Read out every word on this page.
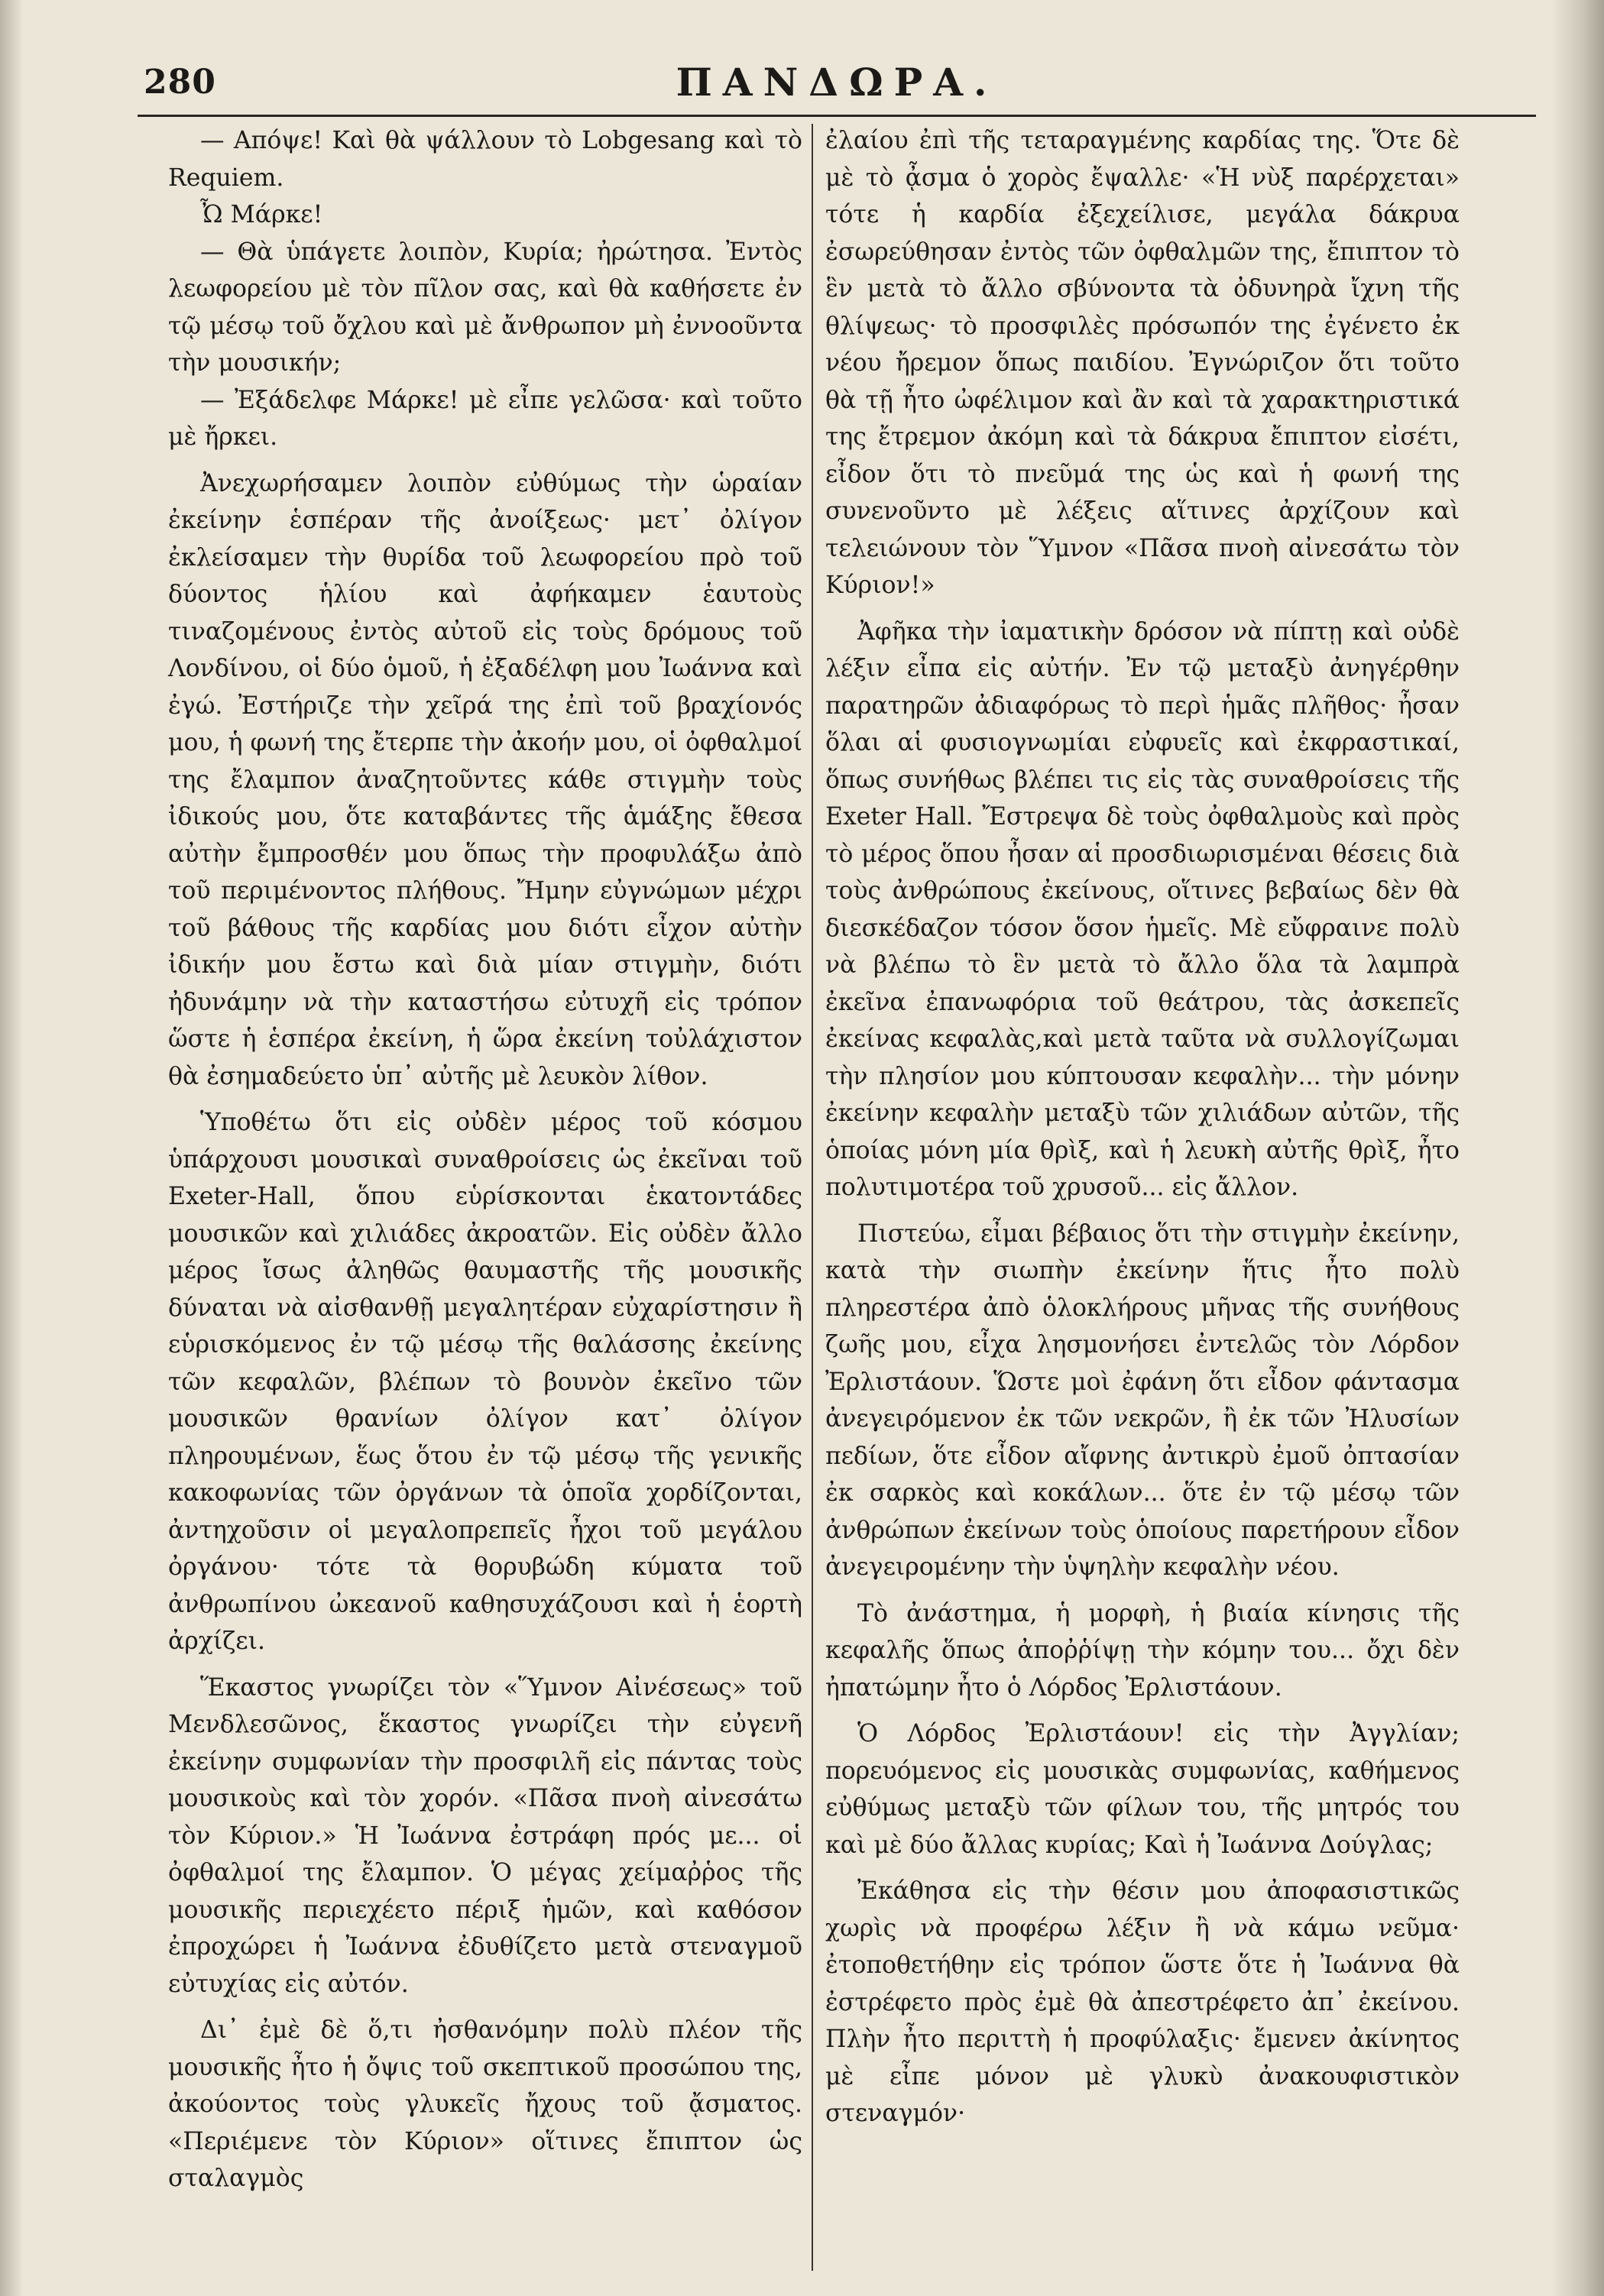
280	ΠΑΝΔΩΡΑ.

— Απόψε! Καὶ θὰ ψάλλουν τὸ Lobgesang καὶ τὸ Requiem.

Ὦ Μάρκε!

— Θὰ ὑπάγετε λοιπὸν, Κυρία; ἠρώτησα. Ἐντὸς λεωφορείου μὲ τὸν πῖλον σας, καὶ θὰ καθήσετε ἐν τῷ μέσῳ τοῦ ὄχλου καὶ μὲ ἄνθρωπον μὴ ἐννοοῦντα τὴν μουσικήν;

— Ἐξάδελφε Μάρκε! μὲ εἶπε γελῶσα· καὶ τοῦτο μὲ ἤρκει.

Ἀνεχωρήσαμεν λοιπὸν εὐθύμως τὴν ὡραίαν ἐκείνην ἑσπέραν τῆς ἀνοίξεως· μετ᾽ ὀλίγον ἐκλείσαμεν τὴν θυρίδα τοῦ λεωφορείου πρὸ τοῦ δύοντος ἡλίου καὶ ἀφήκαμεν ἑαυτοὺς τιναζομένους ἐντὸς αὐτοῦ εἰς τοὺς δρόμους τοῦ Λονδίνου, οἱ δύο ὁμοῦ, ἡ ἐξαδέλφη μου Ἰωάννα καὶ ἐγώ. Ἐστήριζε τὴν χεῖρά της ἐπὶ τοῦ βραχίονός μου, ἡ φωνή της ἔτερπε τὴν ἀκοήν μου, οἱ ὀφθαλμοί της ἔλαμπον ἀναζητοῦντες κάθε στιγμὴν τοὺς ἰδικούς μου, ὅτε καταβάντες τῆς ἁμάξης ἔθεσα αὐτὴν ἔμπροσθέν μου ὅπως τὴν προφυλάξω ἀπὸ τοῦ περιμένοντος πλήθους. Ἤμην εὐγνώμων μέχρι τοῦ βάθους τῆς καρδίας μου διότι εἶχον αὐτὴν ἰδικήν μου ἔστω καὶ διὰ μίαν στιγμὴν, διότι ἠδυνάμην νὰ τὴν καταστήσω εὐτυχῆ εἰς τρόπον ὥστε ἡ ἑσπέρα ἐκείνη, ἡ ὥρα ἐκείνη τοὐλάχιστον θὰ ἐσημαδεύετο ὑπ᾽ αὐτῆς μὲ λευκὸν λίθον.

Ὑποθέτω ὅτι εἰς οὐδὲν μέρος τοῦ κόσμου ὑπάρχουσι μουσικαὶ συναθροίσεις ὡς ἐκεῖναι τοῦ Exeter-Hall, ὅπου εὑρίσκονται ἑκατοντάδες μουσικῶν καὶ χιλιάδες ἀκροατῶν. Εἰς οὐδὲν ἄλλο μέρος ἴσως ἀληθῶς θαυμαστῆς τῆς μουσικῆς δύναται νὰ αἰσθανθῇ μεγαλητέραν εὐχαρίστησιν ἢ εὑρισκόμενος ἐν τῷ μέσῳ τῆς θαλάσσης ἐκείνης τῶν κεφαλῶν, βλέπων τὸ βουνὸν ἐκεῖνο τῶν μουσικῶν θρανίων ὀλίγον κατ᾽ ὀλίγον πληρουμένων, ἕως ὅτου ἐν τῷ μέσῳ τῆς γενικῆς κακοφωνίας τῶν ὀργάνων τὰ ὁποῖα χορδίζονται, ἀντηχοῦσιν οἱ μεγαλοπρεπεῖς ἦχοι τοῦ μεγάλου ὀργάνου· τότε τὰ θορυβώδη κύματα τοῦ ἀνθρωπίνου ὠκεανοῦ καθησυχάζουσι καὶ ἡ ἑορτὴ ἀρχίζει.

Ἕκαστος γνωρίζει τὸν «Ὕμνον Αἰνέσεως» τοῦ Μενδλεσῶνος, ἕκαστος γνωρίζει τὴν εὐγενῆ ἐκείνην συμφωνίαν τὴν προσφιλῆ εἰς πάντας τοὺς μουσικοὺς καὶ τὸν χορόν. «Πᾶσα πνοὴ αἰνεσάτω τὸν Κύριον.» Ἡ Ἰωάννα ἐστράφη πρός με... οἱ ὀφθαλμοί της ἔλαμπον. Ὁ μέγας χείμαῤῥος τῆς μουσικῆς περιεχέετο πέριξ ἡμῶν, καὶ καθόσον ἐπροχώρει ἡ Ἰωάννα ἐδυθίζετο μετὰ στεναγμοῦ εὐτυχίας εἰς αὐτόν.

Δι᾽ ἐμὲ δὲ ὅ,τι ἠσθανόμην πολὺ πλέον τῆς μουσικῆς ἦτο ἡ ὄψις τοῦ σκεπτικοῦ προσώπου της, ἀκούοντος τοὺς γλυκεῖς ἤχους τοῦ ᾄσματος. «Περιέμενε τὸν Κύριον» οἵτινες ἔπιπτον ὡς σταλαγμὸς

ἐλαίου ἐπὶ τῆς τεταραγμένης καρδίας της. Ὅτε δὲ μὲ τὸ ᾆσμα ὁ χορὸς ἔψαλλε· «Ἡ νὺξ παρέρχεται» τότε ἡ καρδία ἐξεχείλισε, μεγάλα δάκρυα ἐσωρεύθησαν ἐντὸς τῶν ὀφθαλμῶν της, ἔπιπτον τὸ ἓν μετὰ τὸ ἄλλο σβύνοντα τὰ ὀδυνηρὰ ἴχνη τῆς θλίψεως· τὸ προσφιλὲς πρόσωπόν της ἐγένετο ἐκ νέου ἤρεμον ὅπως παιδίου. Ἐγνώριζον ὅτι τοῦτο θὰ τῇ ἦτο ὠφέλιμον καὶ ἂν καὶ τὰ χαρακτηριστικά της ἔτρεμον ἀκόμη καὶ τὰ δάκρυα ἔπιπτον εἰσέτι, εἶδον ὅτι τὸ πνεῦμά της ὡς καὶ ἡ φωνή της συνενοῦντο μὲ λέξεις αἵτινες ἀρχίζουν καὶ τελειώνουν τὸν Ὕμνον «Πᾶσα πνοὴ αἰνεσάτω τὸν Κύριον!»

Ἀφῆκα τὴν ἰαματικὴν δρόσον νὰ πίπτῃ καὶ οὐδὲ λέξιν εἶπα εἰς αὐτήν. Ἐν τῷ μεταξὺ ἀνηγέρθην παρατηρῶν ἀδιαφόρως τὸ περὶ ἡμᾶς πλῆθος· ἦσαν ὅλαι αἱ φυσιογνωμίαι εὐφυεῖς καὶ ἐκφραστικαί, ὅπως συνήθως βλέπει τις εἰς τὰς συναθροίσεις τῆς Exeter Hall. Ἔστρεψα δὲ τοὺς ὀφθαλμοὺς καὶ πρὸς τὸ μέρος ὅπου ἦσαν αἱ προσδιωρισμέναι θέσεις διὰ τοὺς ἀνθρώπους ἐκείνους, οἵτινες βεβαίως δὲν θὰ διεσκέδαζον τόσον ὅσον ἡμεῖς. Μὲ εὔφραινε πολὺ νὰ βλέπω τὸ ἓν μετὰ τὸ ἄλλο ὅλα τὰ λαμπρὰ ἐκεῖνα ἐπανωφόρια τοῦ θεάτρου, τὰς ἀσκεπεῖς ἐκείνας κεφαλὰς,καὶ μετὰ ταῦτα νὰ συλλογίζωμαι τὴν πλησίον μου κύπτουσαν κεφαλὴν... τὴν μόνην ἐκείνην κεφαλὴν μεταξὺ τῶν χιλιάδων αὐτῶν, τῆς ὁποίας μόνη μία θρὶξ, καὶ ἡ λευκὴ αὐτῆς θρὶξ, ἦτο πολυτιμοτέρα τοῦ χρυσοῦ... εἰς ἄλλον.

Πιστεύω, εἶμαι βέβαιος ὅτι τὴν στιγμὴν ἐκείνην, κατὰ τὴν σιωπὴν ἐκείνην ἥτις ἦτο πολὺ πληρεστέρα ἀπὸ ὁλοκλήρους μῆνας τῆς συνήθους ζωῆς μου, εἶχα λησμονήσει ἐντελῶς τὸν Λόρδον Ἐρλιστάουν. Ὥστε μοὶ ἐφάνη ὅτι εἶδον φάντασμα ἀνεγειρόμενον ἐκ τῶν νεκρῶν, ἢ ἐκ τῶν Ἠλυσίων πεδίων, ὅτε εἶδον αἴφνης ἀντικρὺ ἐμοῦ ὀπτασίαν ἐκ σαρκὸς καὶ κοκάλων... ὅτε ἐν τῷ μέσῳ τῶν ἀνθρώπων ἐκείνων τοὺς ὁποίους παρετήρουν εἶδον ἀνεγειρομένην τὴν ὑψηλὴν κεφαλὴν νέου.

Τὸ ἀνάστημα, ἡ μορφὴ, ἡ βιαία κίνησις τῆς κεφαλῆς ὅπως ἀποῤῥίψῃ τὴν κόμην του... ὄχι δὲν ἠπατώμην ἦτο ὁ Λόρδος Ἐρλιστάουν.

Ὁ Λόρδος Ἐρλιστάουν! εἰς τὴν Ἀγγλίαν; πορευόμενος εἰς μουσικὰς συμφωνίας, καθήμενος εὐθύμως μεταξὺ τῶν φίλων του, τῆς μητρός του καὶ μὲ δύο ἄλλας κυρίας; Καὶ ἡ Ἰωάννα Δούγλας;

Ἐκάθησα εἰς τὴν θέσιν μου ἀποφασιστικῶς χωρὶς νὰ προφέρω λέξιν ἢ νὰ κάμω νεῦμα· ἐτοποθετήθην εἰς τρόπον ὥστε ὅτε ἡ Ἰωάννα θὰ ἐστρέφετο πρὸς ἐμὲ θὰ ἀπεστρέφετο ἀπ᾽ ἐκείνου. Πλὴν ἦτο περιττὴ ἡ προφύλαξις· ἔμενεν ἀκίνητος μὲ εἶπε μόνον μὲ γλυκὺ ἀνακουφιστικὸν στεναγμόν·
